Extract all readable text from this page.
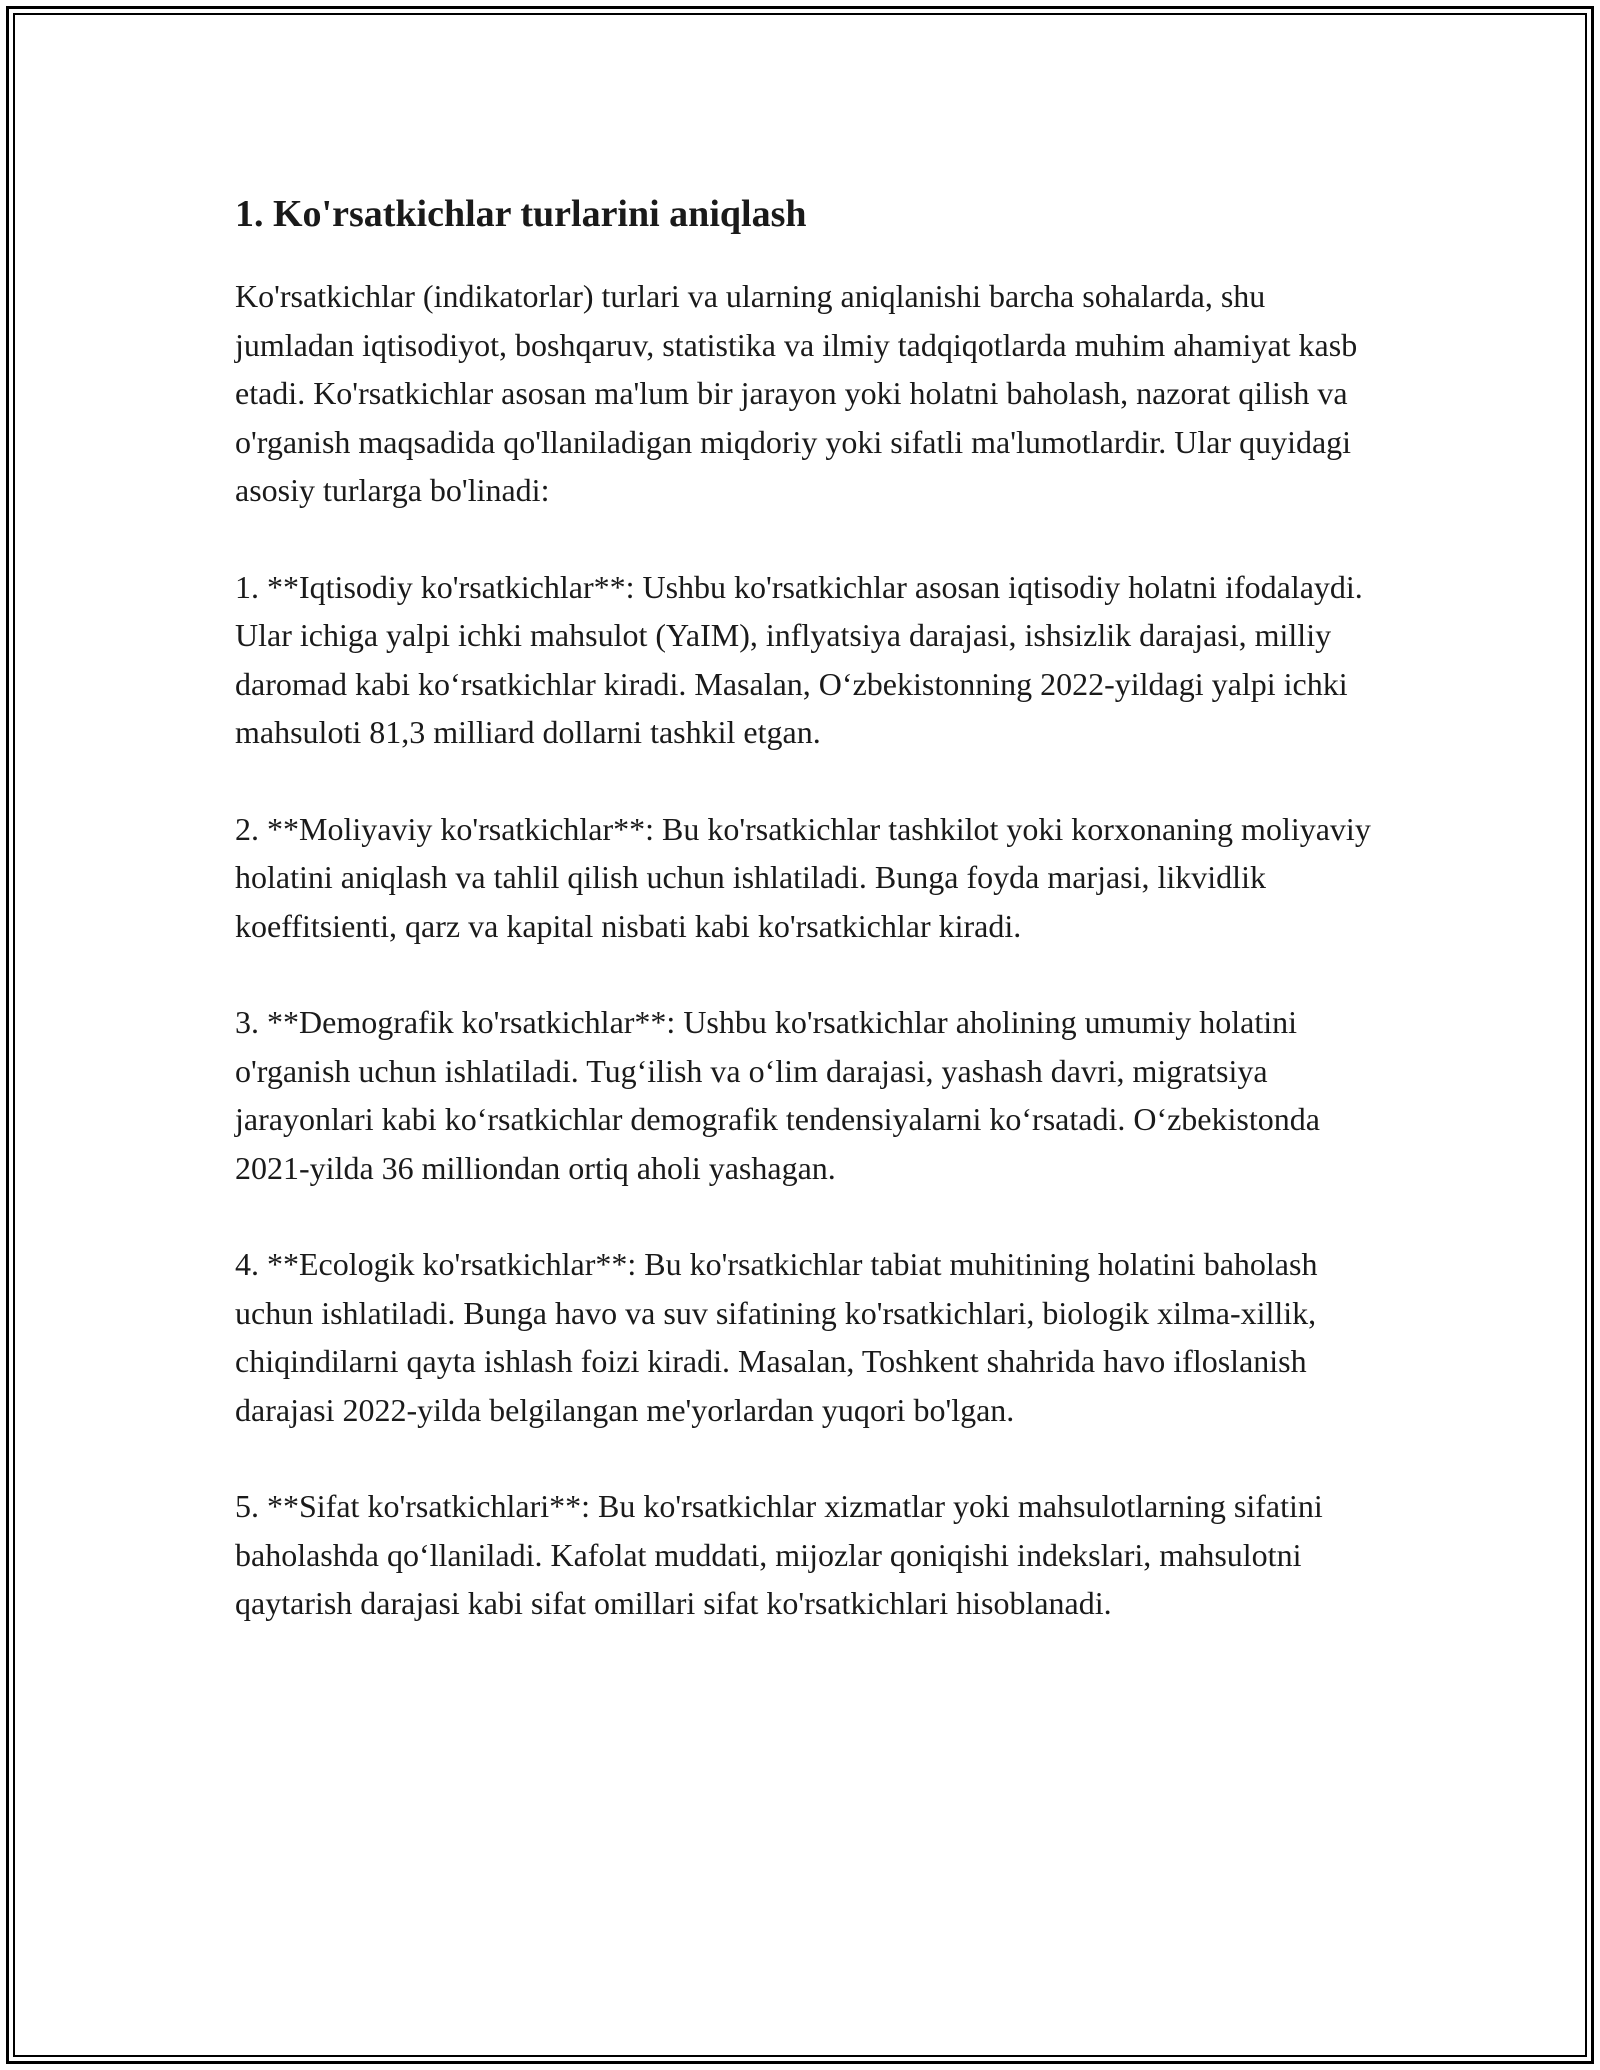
1. Ko'rsatkichlar turlarini aniqlash

Ko'rsatkichlar (indikatorlar) turlari va ularning aniqlanishi barcha sohalarda, shu jumladan iqtisodiyot, boshqaruv, statistika va ilmiy tadqiqotlarda muhim ahamiyat kasb etadi. Ko'rsatkichlar asosan ma'lum bir jarayon yoki holatni baholash, nazorat qilish va o'rganish maqsadida qo'llaniladigan miqdoriy yoki sifatli ma'lumotlardir. Ular quyidagi asosiy turlarga bo'linadi:

1. **Iqtisodiy ko'rsatkichlar**: Ushbu ko'rsatkichlar asosan iqtisodiy holatni ifodalaydi. Ular ichiga yalpi ichki mahsulot (YaIM), inflyatsiya darajasi, ishsizlik darajasi, milliy daromad kabi ko‘rsatkichlar kiradi. Masalan, O‘zbekistonning 2022-yildagi yalpi ichki mahsuloti 81,3 milliard dollarni tashkil etgan.

2. **Moliyaviy ko'rsatkichlar**: Bu ko'rsatkichlar tashkilot yoki korxonaning moliyaviy holatini aniqlash va tahlil qilish uchun ishlatiladi. Bunga foyda marjasi, likvidlik koeffitsienti, qarz va kapital nisbati kabi ko'rsatkichlar kiradi.

3. **Demografik ko'rsatkichlar**: Ushbu ko'rsatkichlar aholining umumiy holatini o'rganish uchun ishlatiladi. Tug‘ilish va o‘lim darajasi, yashash davri, migratsiya jarayonlari kabi ko‘rsatkichlar demografik tendensiyalarni ko‘rsatadi. O‘zbekistonda 2021-yilda 36 milliondan ortiq aholi yashagan.

4. **Ecologik ko'rsatkichlar**: Bu ko'rsatkichlar tabiat muhitining holatini baholash uchun ishlatiladi. Bunga havo va suv sifatining ko'rsatkichlari, biologik xilma-xillik, chiqindilarni qayta ishlash foizi kiradi. Masalan, Toshkent shahrida havo ifloslanish darajasi 2022-yilda belgilangan me'yorlardan yuqori bo'lgan.

5. **Sifat ko'rsatkichlari**: Bu ko'rsatkichlar xizmatlar yoki mahsulotlarning sifatini baholashda qo‘llaniladi. Kafolat muddati, mijozlar qoniqishi indekslari, mahsulotni qaytarish darajasi kabi sifat omillari sifat ko'rsatkichlari hisoblanadi.
